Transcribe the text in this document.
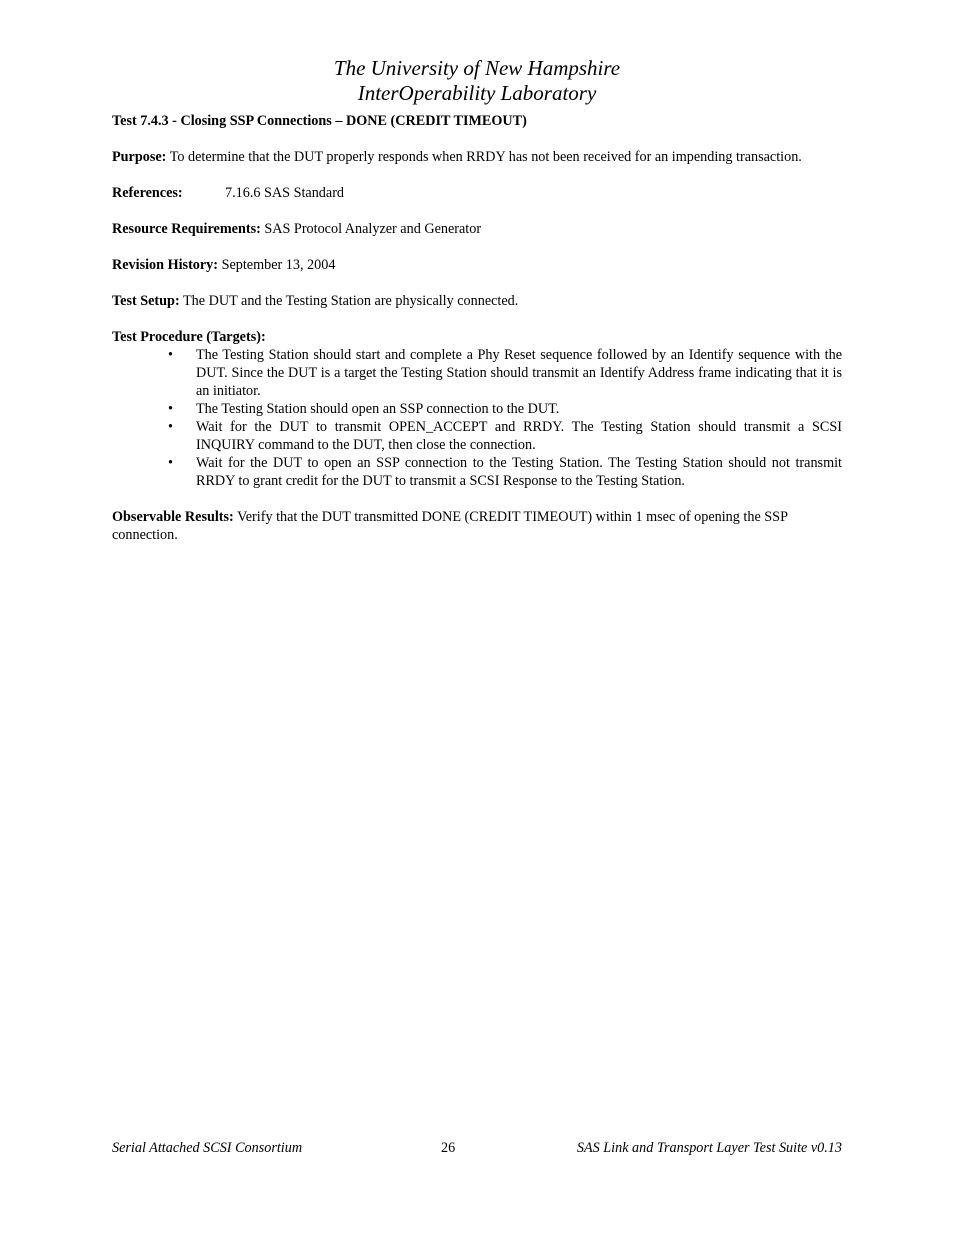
The University of New Hampshire
InterOperability Laboratory

Test 7.4.3 - Closing SSP Connections – DONE (CREDIT TIMEOUT)

Purpose: To determine that the DUT properly responds when RRDY has not been received for an impending transaction.

References:	7.16.6 SAS Standard

Resource Requirements: SAS Protocol Analyzer and Generator

Revision History: September 13, 2004

Test Setup: The DUT and the Testing Station are physically connected.

Test Procedure (Targets):

• The Testing Station should start and complete a Phy Reset sequence followed by an Identify sequence with the DUT. Since the DUT is a target the Testing Station should transmit an Identify Address frame indicating that it is an initiator.
• The Testing Station should open an SSP connection to the DUT.
• Wait for the DUT to transmit OPEN_ACCEPT and RRDY. The Testing Station should transmit a SCSI INQUIRY command to the DUT, then close the connection.
• Wait for the DUT to open an SSP connection to the Testing Station. The Testing Station should not transmit RRDY to grant credit for the DUT to transmit a SCSI Response to the Testing Station.

Observable Results: Verify that the DUT transmitted DONE (CREDIT TIMEOUT) within 1 msec of opening the SSP connection.

Serial Attached SCSI Consortium	26	SAS Link and Transport Layer Test Suite v0.13
